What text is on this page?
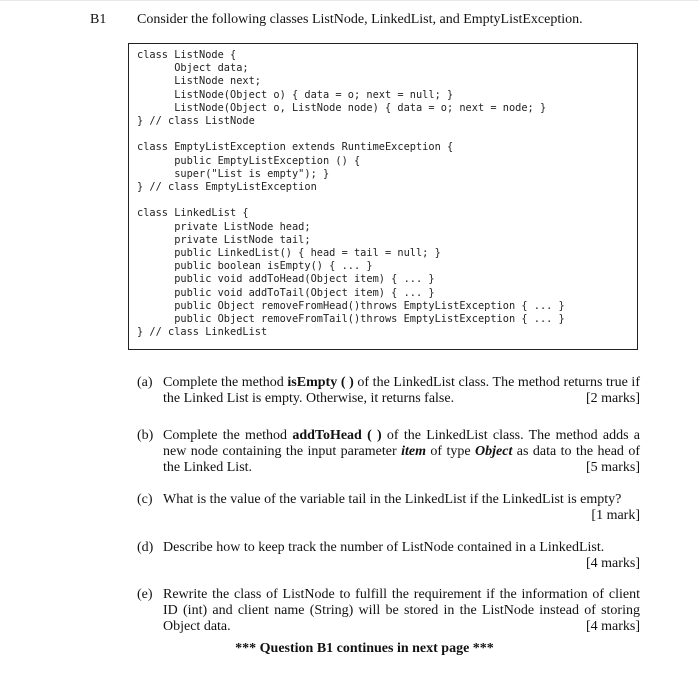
B1 Consider the following classes ListNode, LinkedList, and EmptyListException.
class ListNode {
Object data;
ListNode next;
ListNode(Object o) { data = o; next = null; }
ListNode(Object o, ListNode node) { data = o; next = node; }
} // class ListNode

class EmptyListException extends RuntimeException {
public EmptyListException () {
super("List is empty"); }
} // class EmptyListException

class LinkedList {
private ListNode head;
private ListNode tail;
public LinkedList() { head = tail = null; }
public boolean isEmpty() { ... }
public void addToHead(Object item) { ... }
public void addToTail(Object item) { ... }
public Object removeFromHead()throws EmptyListException { ... }
public Object removeFromTail()throws EmptyListException { ... }
} // class LinkedList
(a) Complete the method isEmpty ( ) of the LinkedList class. The method returns true if the Linked List is empty. Otherwise, it returns false.	[2 marks]
(b) Complete the method addToHead ( ) of the LinkedList class. The method adds a new node containing the input parameter item of type Object as data to the head of the Linked List.	[5 marks]
(c) What is the value of the variable tail in the LinkedList if the LinkedList is empty?
[1 mark]
(d) Describe how to keep track the number of ListNode contained in a LinkedList.
[4 marks]
(e) Rewrite the class of ListNode to fulfill the requirement if the information of client ID (int) and client name (String) will be stored in the ListNode instead of storing Object data.	[4 marks]
*** Question B1 continues in next page ***
